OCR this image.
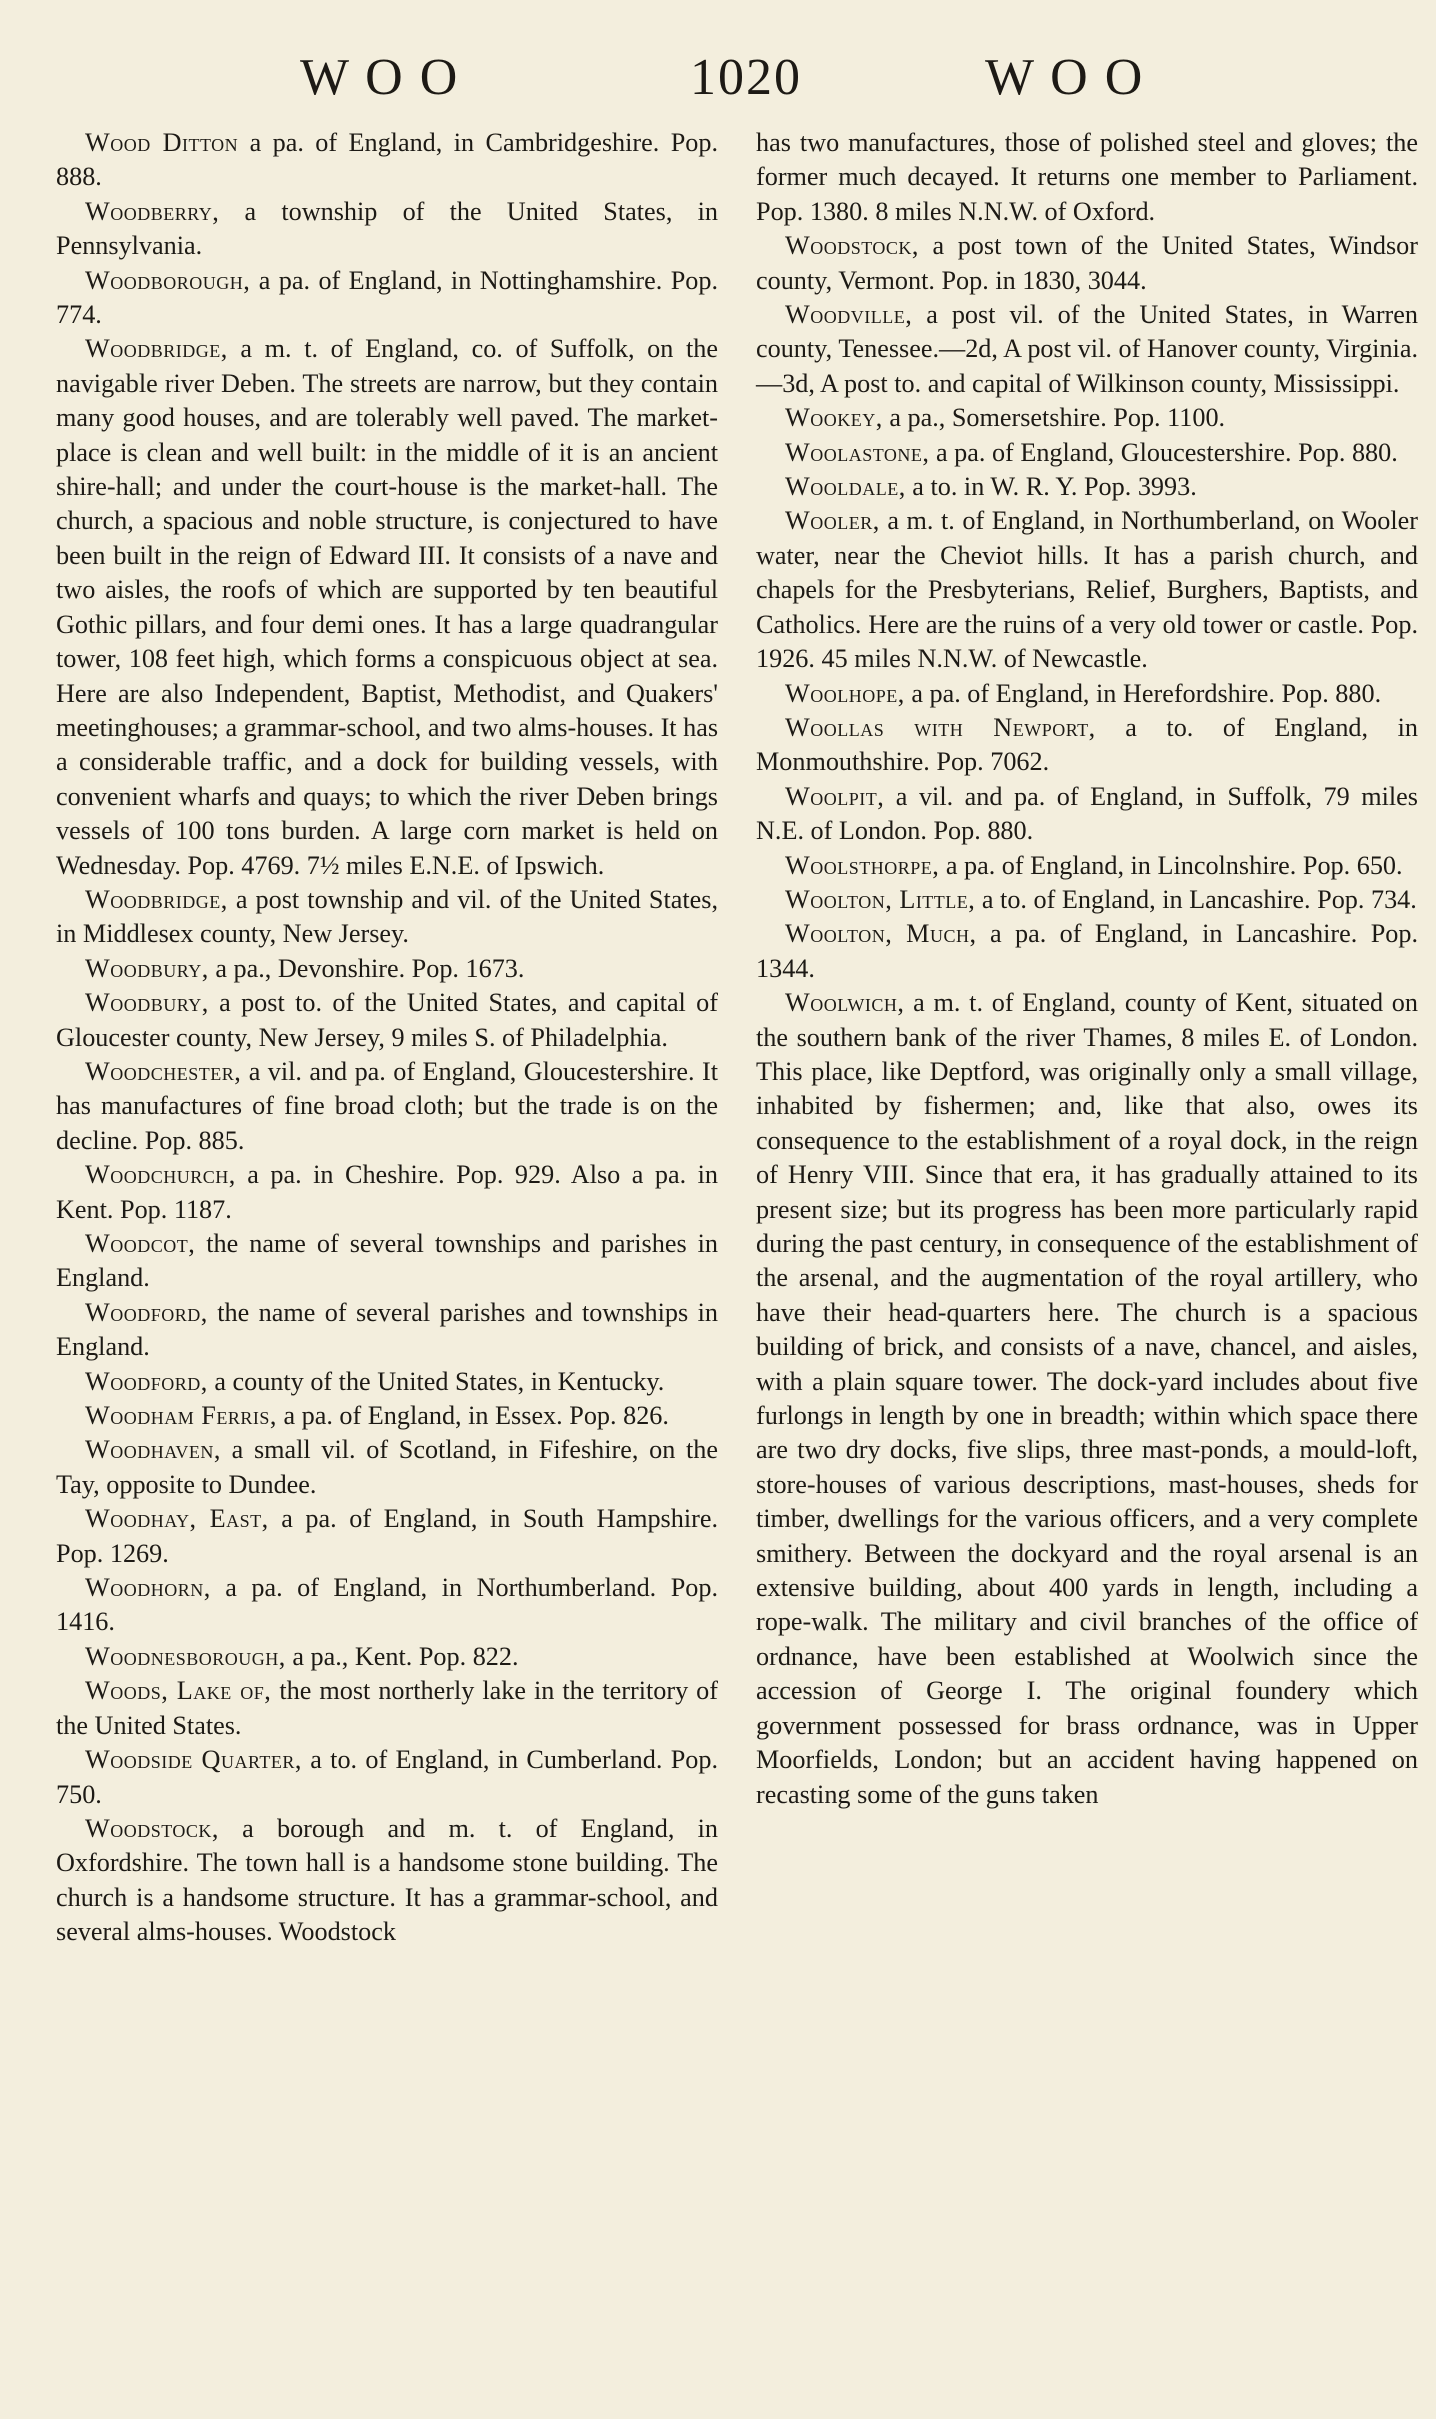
W O O	1020	W O O

Wood Ditton a pa. of England, in Cambridgeshire. Pop. 888.

Woodberry, a township of the United States, in Pennsylvania.

Woodborough, a pa. of England, in Nottinghamshire. Pop. 774.

Woodbridge, a m. t. of England, co. of Suffolk, on the navigable river Deben. The streets are narrow, but they contain many good houses, and are tolerably well paved. The market-place is clean and well built: in the middle of it is an ancient shire-hall; and under the court-house is the market-hall. The church, a spacious and noble structure, is conjectured to have been built in the reign of Edward III. It consists of a nave and two aisles, the roofs of which are supported by ten beautiful Gothic pillars, and four demi ones. It has a large quadrangular tower, 108 feet high, which forms a conspicuous object at sea. Here are also Independent, Baptist, Methodist, and Quakers' meetinghouses; a grammar-school, and two alms-houses. It has a considerable traffic, and a dock for building vessels, with convenient wharfs and quays; to which the river Deben brings vessels of 100 tons burden. A large corn market is held on Wednesday. Pop. 4769. 7½ miles E.N.E. of Ipswich.

Woodbridge, a post township and vil. of the United States, in Middlesex county, New Jersey.

Woodbury, a pa., Devonshire. Pop. 1673.

Woodbury, a post to. of the United States, and capital of Gloucester county, New Jersey, 9 miles S. of Philadelphia.

Woodchester, a vil. and pa. of England, Gloucestershire. It has manufactures of fine broad cloth; but the trade is on the decline. Pop. 885.

Woodchurch, a pa. in Cheshire. Pop. 929. Also a pa. in Kent. Pop. 1187.

Woodcot, the name of several townships and parishes in England.

Woodford, the name of several parishes and townships in England.

Woodford, a county of the United States, in Kentucky.

Woodham Ferris, a pa. of England, in Essex. Pop. 826.

Woodhaven, a small vil. of Scotland, in Fifeshire, on the Tay, opposite to Dundee.

Woodhay, East, a pa. of England, in South Hampshire. Pop. 1269.

Woodhorn, a pa. of England, in Northumberland. Pop. 1416.

Woodnesborough, a pa., Kent. Pop. 822.

Woods, Lake of, the most northerly lake in the territory of the United States.

Woodside Quarter, a to. of England, in Cumberland. Pop. 750.

Woodstock, a borough and m. t. of England, in Oxfordshire. The town hall is a handsome stone building. The church is a handsome structure. It has a grammar-school, and several alms-houses. Woodstock

has two manufactures, those of polished steel and gloves; the former much decayed. It returns one member to Parliament. Pop. 1380. 8 miles N.N.W. of Oxford.

Woodstock, a post town of the United States, Windsor county, Vermont. Pop. in 1830, 3044.

Woodville, a post vil. of the United States, in Warren county, Tenessee.—2d, A post vil. of Hanover county, Virginia.—3d, A post to. and capital of Wilkinson county, Mississippi.

Wookey, a pa., Somersetshire. Pop. 1100.

Woolastone, a pa. of England, Gloucestershire. Pop. 880.

Wooldale, a to. in W. R. Y. Pop. 3993.

Wooler, a m. t. of England, in Northumberland, on Wooler water, near the Cheviot hills. It has a parish church, and chapels for the Presbyterians, Relief, Burghers, Baptists, and Catholics. Here are the ruins of a very old tower or castle. Pop. 1926. 45 miles N.N.W. of Newcastle.

Woolhope, a pa. of England, in Herefordshire. Pop. 880.

Woollas with Newport, a to. of England, in Monmouthshire. Pop. 7062.

Woolpit, a vil. and pa. of England, in Suffolk, 79 miles N.E. of London. Pop. 880.

Woolsthorpe, a pa. of England, in Lincolnshire. Pop. 650.

Woolton, Little, a to. of England, in Lancashire. Pop. 734.

Woolton, Much, a pa. of England, in Lancashire. Pop. 1344.

Woolwich, a m. t. of England, county of Kent, situated on the southern bank of the river Thames, 8 miles E. of London. This place, like Deptford, was originally only a small village, inhabited by fishermen; and, like that also, owes its consequence to the establishment of a royal dock, in the reign of Henry VIII. Since that era, it has gradually attained to its present size; but its progress has been more particularly rapid during the past century, in consequence of the establishment of the arsenal, and the augmentation of the royal artillery, who have their head-quarters here. The church is a spacious building of brick, and consists of a nave, chancel, and aisles, with a plain square tower. The dock-yard includes about five furlongs in length by one in breadth; within which space there are two dry docks, five slips, three mast-ponds, a mould-loft, store-houses of various descriptions, mast-houses, sheds for timber, dwellings for the various officers, and a very complete smithery. Between the dockyard and the royal arsenal is an extensive building, about 400 yards in length, including a rope-walk. The military and civil branches of the office of ordnance, have been established at Woolwich since the accession of George I. The original foundery which government possessed for brass ordnance, was in Upper Moorfields, London; but an accident having happened on recasting some of the guns taken
